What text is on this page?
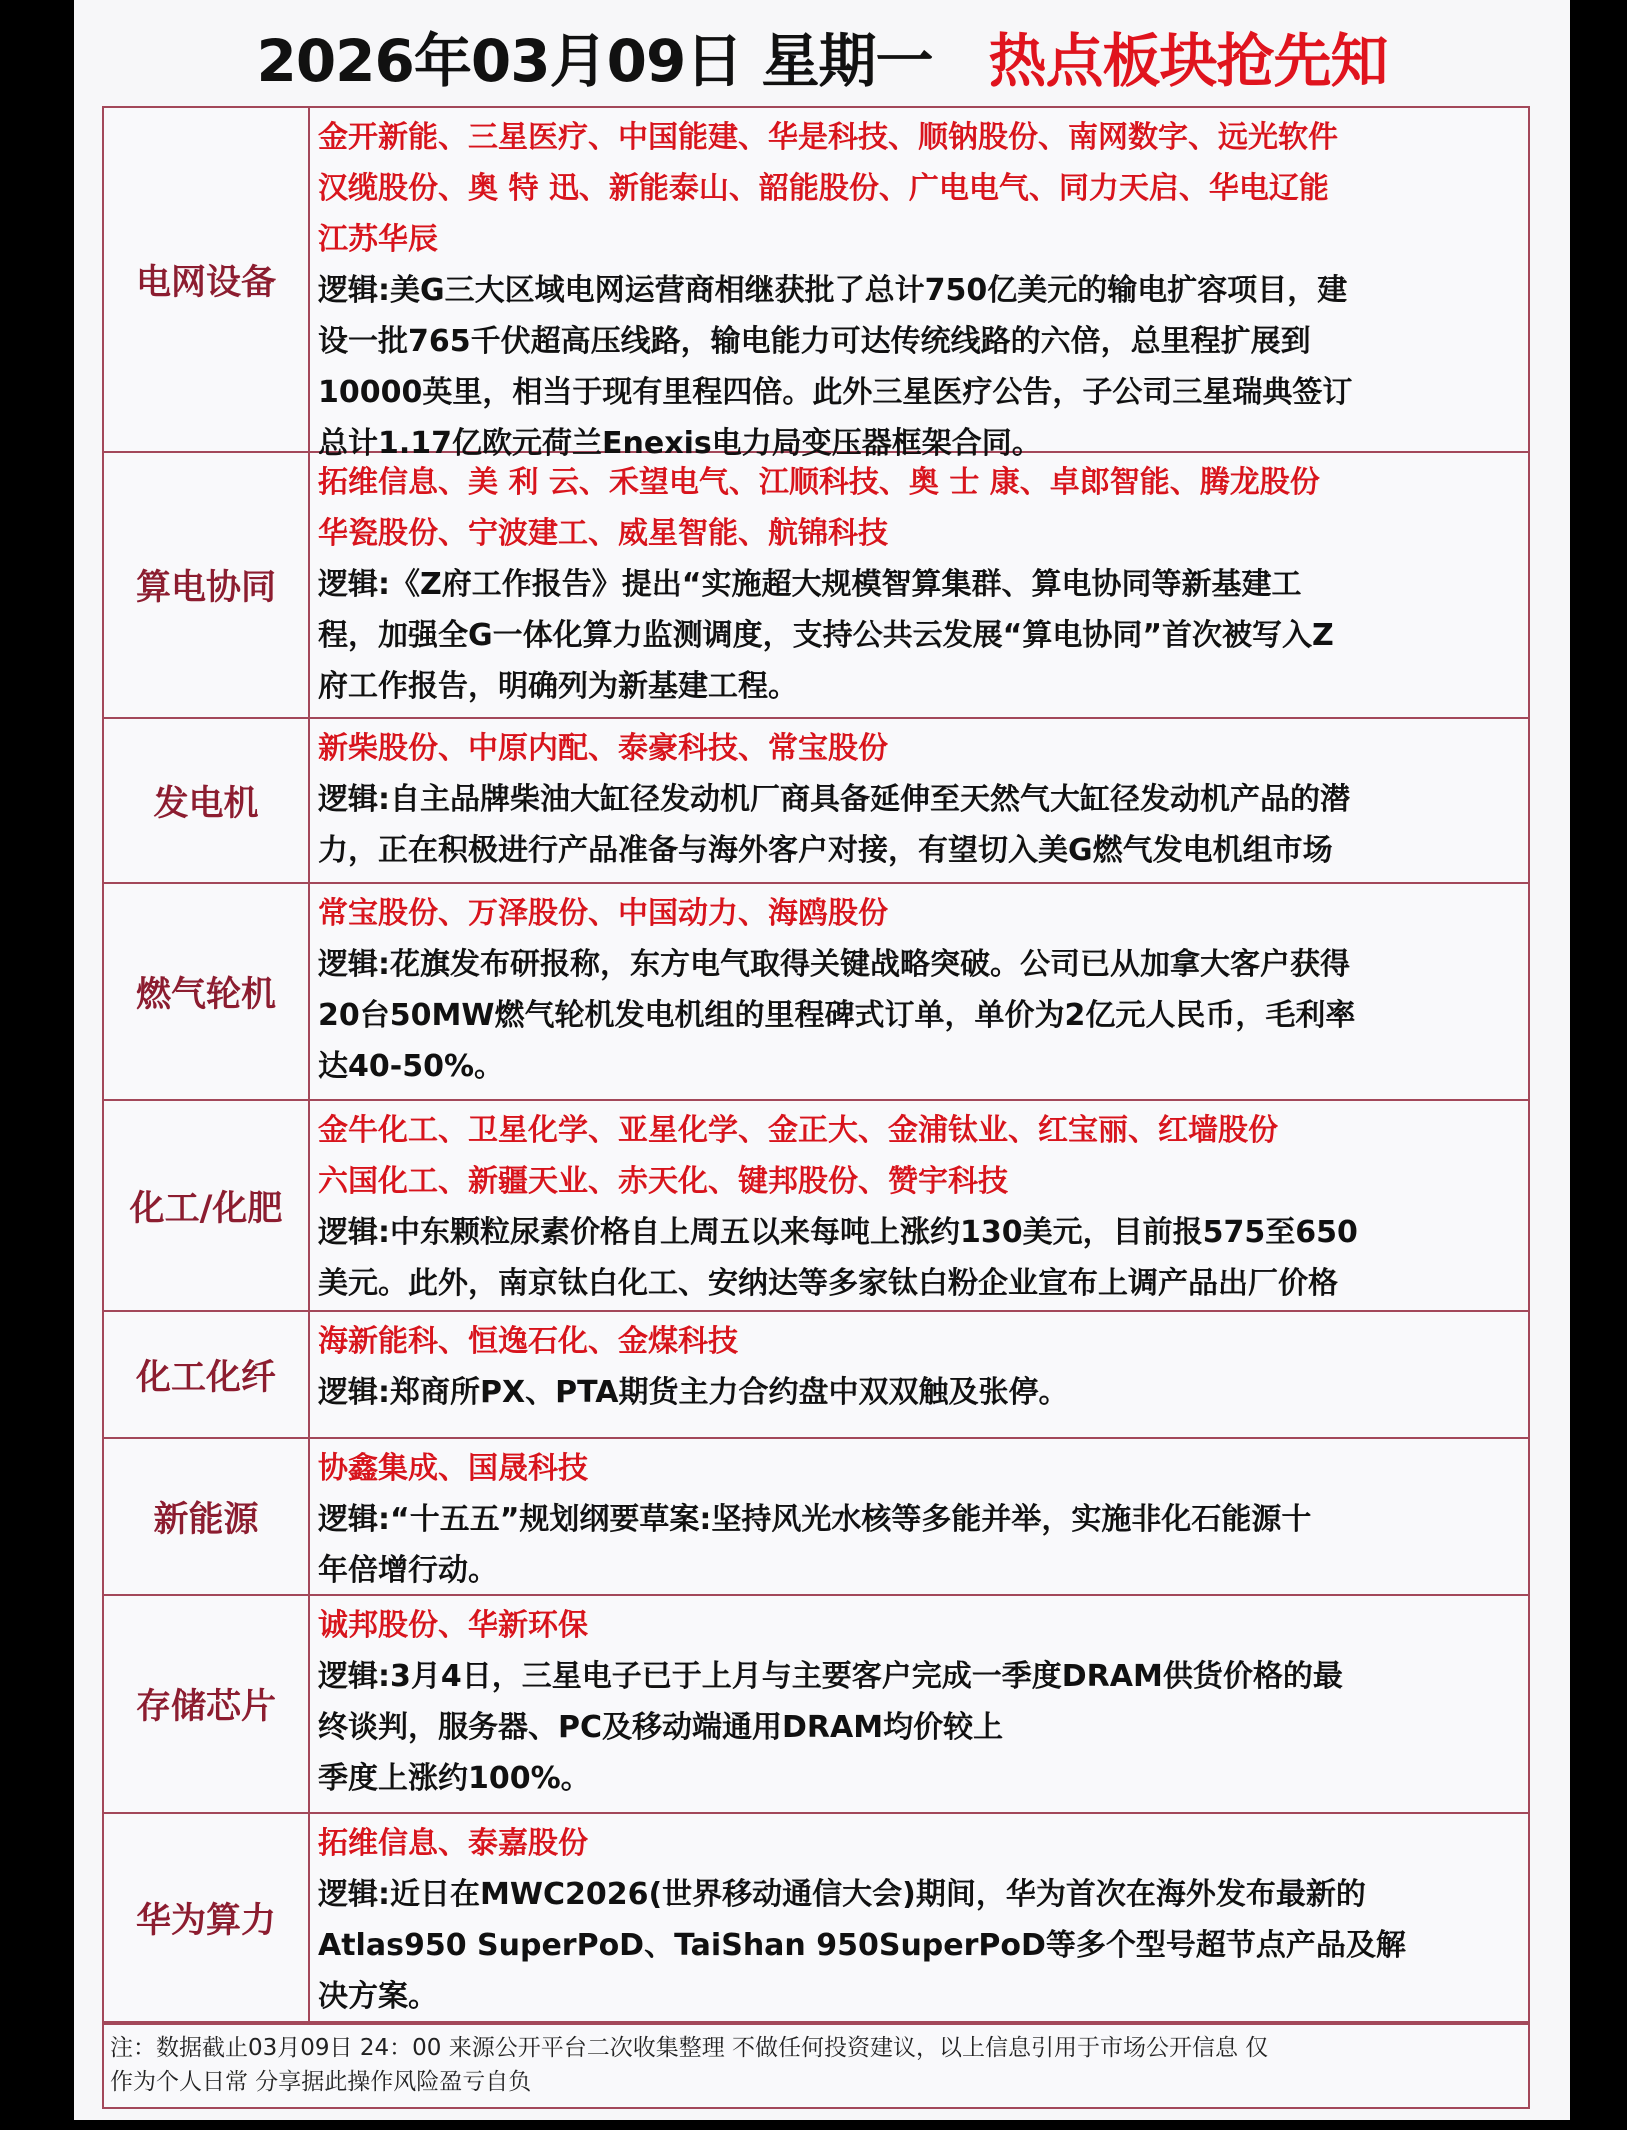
2026年03月09日 星期一 热点板块抢先知
电网设备
金开新能、三星医疗、中国能建、华是科技、顺钠股份、南网数字、远光软件
汉缆股份、奥 特 迅、新能泰山、韶能股份、广电电气、同力天启、华电辽能
江苏华辰
逻辑:美G三大区域电网运营商相继获批了总计750亿美元的输电扩容项目，建
设一批765千伏超高压线路，输电能力可达传统线路的六倍，总里程扩展到
10000英里，相当于现有里程四倍。此外三星医疗公告，子公司三星瑞典签订
总计1.17亿欧元荷兰Enexis电力局变压器框架合同。
算电协同
拓维信息、美 利 云、禾望电气、江顺科技、奥 士 康、卓郎智能、腾龙股份
华瓷股份、宁波建工、威星智能、航锦科技
逻辑:《Z府工作报告》提出“实施超大规模智算集群、算电协同等新基建工
程，加强全G一体化算力监测调度，支持公共云发展“算电协同”首次被写入Z
府工作报告，明确列为新基建工程。
发电机
新柴股份、中原内配、泰豪科技、常宝股份
逻辑:自主品牌柴油大缸径发动机厂商具备延伸至天然气大缸径发动机产品的潜
力，正在积极进行产品准备与海外客户对接，有望切入美G燃气发电机组市场
燃气轮机
常宝股份、万泽股份、中国动力、海鸥股份
逻辑:花旗发布研报称，东方电气取得关键战略突破。公司已从加拿大客户获得
20台50MW燃气轮机发电机组的里程碑式订单，单价为2亿元人民币，毛利率
达40-50%。
化工/化肥
金牛化工、卫星化学、亚星化学、金正大、金浦钛业、红宝丽、红墙股份
六国化工、新疆天业、赤天化、键邦股份、赞宇科技
逻辑:中东颗粒尿素价格自上周五以来每吨上涨约130美元，目前报575至650
美元。此外，南京钛白化工、安纳达等多家钛白粉企业宣布上调产品出厂价格
化工化纤
海新能科、恒逸石化、金煤科技
逻辑:郑商所PX、PTA期货主力合约盘中双双触及张停。
新能源
协鑫集成、国晟科技
逻辑:“十五五”规划纲要草案:坚持风光水核等多能并举，实施非化石能源十
年倍增行动。
存储芯片
诚邦股份、华新环保
逻辑:3月4日，三星电子已于上月与主要客户完成一季度DRAM供货价格的最
终谈判，服务器、PC及移动端通用DRAM均价较上
季度上涨约100%。
华为算力
拓维信息、泰嘉股份
逻辑:近日在MWC2026(世界移动通信大会)期间，华为首次在海外发布最新的
Atlas950 SuperPoD、TaiShan 950SuperPoD等多个型号超节点产品及解
决方案。
注：数据截止03月09日 24：00 来源公开平台二次收集整理 不做任何投资建议，以上信息引用于市场公开信息 仅
作为个人日常 分享据此操作风险盈亏自负
